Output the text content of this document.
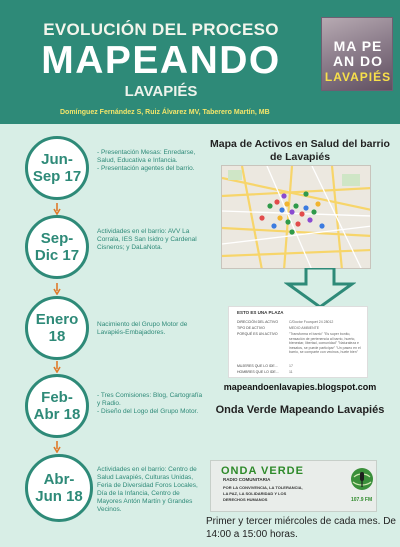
EVOLUCIÓN DEL PROCESO
MAPEANDO
LAVAPIÉS
Domínguez Fernández S, Ruiz Álvarez MV, Taberero Martín, MB
MA PE
AN DO
LAVAPIÉS
Jun-
Sep 17
- Presentación Mesas: Enredarse, Salud, Educativa e Infancia.
- Presentación agentes del barrio.
Sep-
Dic 17
Actividades en el barrio: AVV La Corrala, IES San Isidro y Cardenal Cisneros; y DaLaNota.
Enero
18
Nacimiento del Grupo Motor de Lavapiés-Embajadores.
Feb-
Abr 18
- Tres Comisiones: Blog, Cartografía y Radio.
- Diseño del Logo del Grupo Motor.
Abr-
Jun 18
Actividades en el barrio: Centro de Salud Lavapiés, Culturas Unidas, Feria de Diversidad Foros Locales, Día de la Infancia, Centro de Mayores Antón Martín y Grandes Vecinos.
Mapa de Activos en Salud del barrio de Lavapiés
ESTO ES UNA PLAZA
DIRECCIÓN DEL ACTIVO	C/Doctor Fourquet 24 28012
TIPO DE ACTIVO	MEDIO AMBIENTE
PORQUÉ ES UN ACTIVO	"Transforma el barrio" "Es super bonito, sensación de pertenencia al barrio, huerto, bienestar, libertad, comunidad" "Naturaleza e inesatos, se puede participar" "Un paseo en el barrio, se comparte con vecinos, huele bien"
MUJERES QUE LO IDE...	17
HOMBRES QUE LO IDE...	11
mapeandoenlavapies.blogspot.com
Onda Verde Mapeando Lavapiés
ONDA VERDE
RADIO COMUNITARIA
POR LA CONVIVENCIA, LA TOLERANCIA,
LA PAZ, LA SOLIDARIDAD Y LOS
DERECHOS HUMANOS	107.9 FM
Primer y tercer miércoles de cada mes. De 14:00 a 15:00 horas.
